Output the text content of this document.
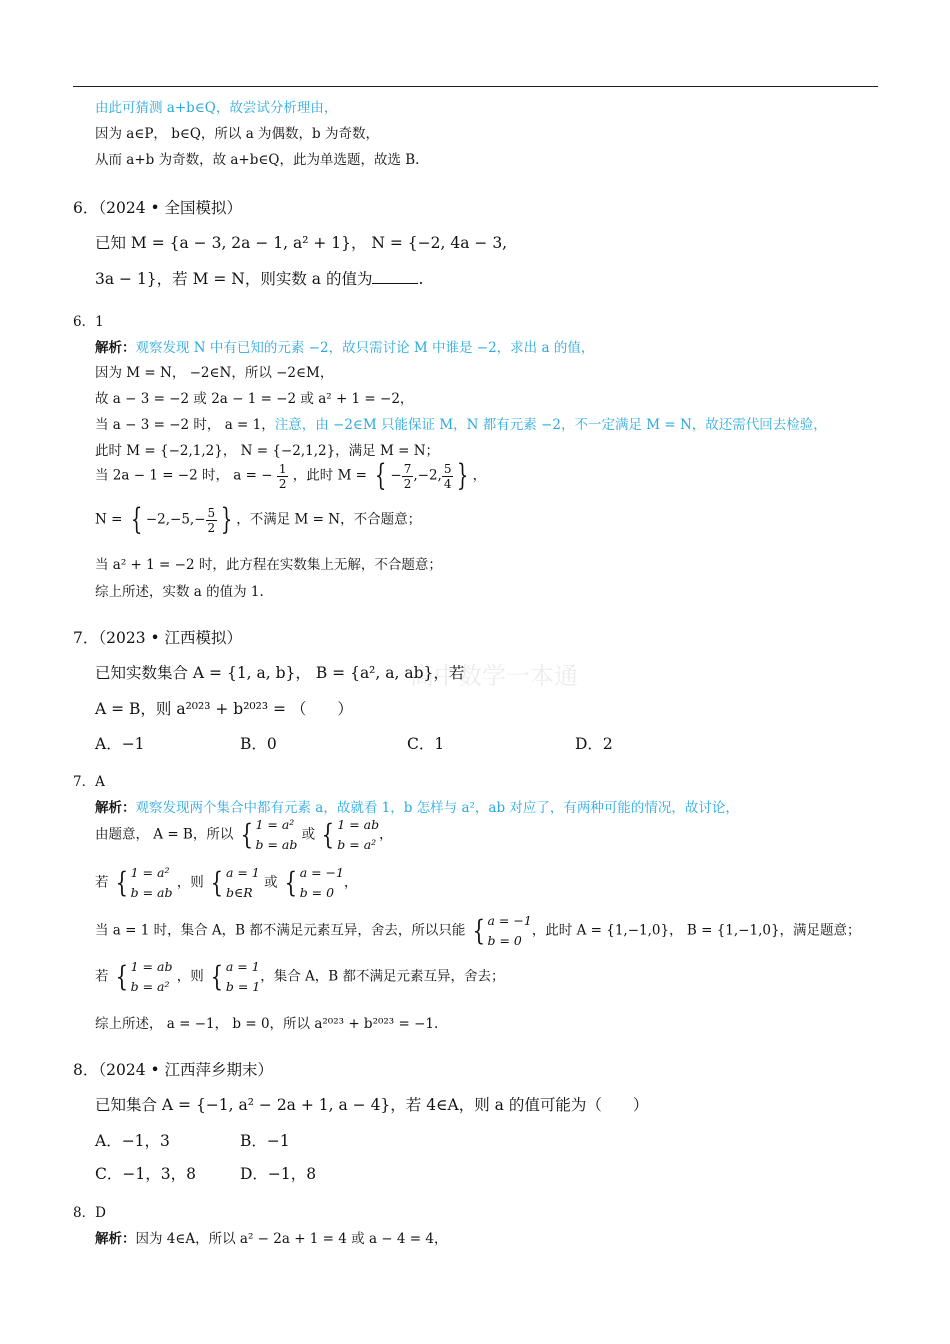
高中数学一本通
由此可猜测 a+b∈Q，故尝试分析理由，
因为 a∈P， b∈Q，所以 a 为偶数，b 为奇数，
从而 a+b 为奇数，故 a+b∈Q，此为单选题，故选 B.
6．（2024 • 全国模拟）
已知 M = {a − 3, 2a − 1, a² + 1}， N = {−2, 4a − 3,
3a − 1}，若 M = N，则实数 a 的值为	.
6．1
解析：观察发现 N 中有已知的元素 −2，故只需讨论 M 中谁是 −2，求出 a 的值，
因为 M = N， −2∈N，所以 −2∈M，
故 a − 3 = −2 或 2a − 1 = −2 或 a² + 1 = −2，
当 a − 3 = −2 时， a = 1，注意，由 −2∈M 只能保证 M，N 都有元素 −2，不一定满足 M = N，故还需代回去检验，
此时 M = {−2,1,2}， N = {−2,1,2}，满足 M = N；
当 2a − 1 = −2 时， a = − $\frac{1}{2}$ ，此时 M = { − $\frac{7}{2} ,-2$, $\frac{5}{4}$ } ，
N = { $-2,-5,- \frac{5}{2}$ } ，不满足 M = N，不合题意；
当 a² + 1 = −2 时，此方程在实数集上无解，不合题意；
综上所述，实数 a 的值为 1.
7．（2023 • 江西模拟）
已知实数集合 A = {1, a, b}， B = {a², a, ab}，若
A = B，则 a²⁰²³ + b²⁰²³ = （　　）
A．−1	B．0	C．1	D．2
7．A
解析：观察发现两个集合中都有元素 a，故就看 1，b 怎样与 a²，ab 对应了，有两种可能的情况，故讨论，
由题意， A = B，所以 { 1 = a²
b = ab 或 { 1 = ab
b = a²，
若 { 1 = a²
b = ab ，则 { a = 1
b∈R 或 { a = −1
b = 0，
当 a = 1 时，集合 A，B 都不满足元素互异，舍去，所以只能 { a = −1
b = 0，此时 A = {1,−1,0}， B = {1,−1,0}，满足题意；
若 { 1 = ab
b = a² ，则 { a = 1
b = 1，集合 A，B 都不满足元素互异，舍去；
综上所述， a = −1， b = 0，所以 a²⁰²³ + b²⁰²³ = −1.
8．（2024 • 江西萍乡期末）
已知集合 A = {−1, a² − 2a + 1, a − 4}，若 4∈A，则 a 的值可能为（　　）
A．−1，3	B．−1
C．−1，3，8	D．−1，8
8．D
解析：因为 4∈A，所以 a² − 2a + 1 = 4 或 a − 4 = 4，
